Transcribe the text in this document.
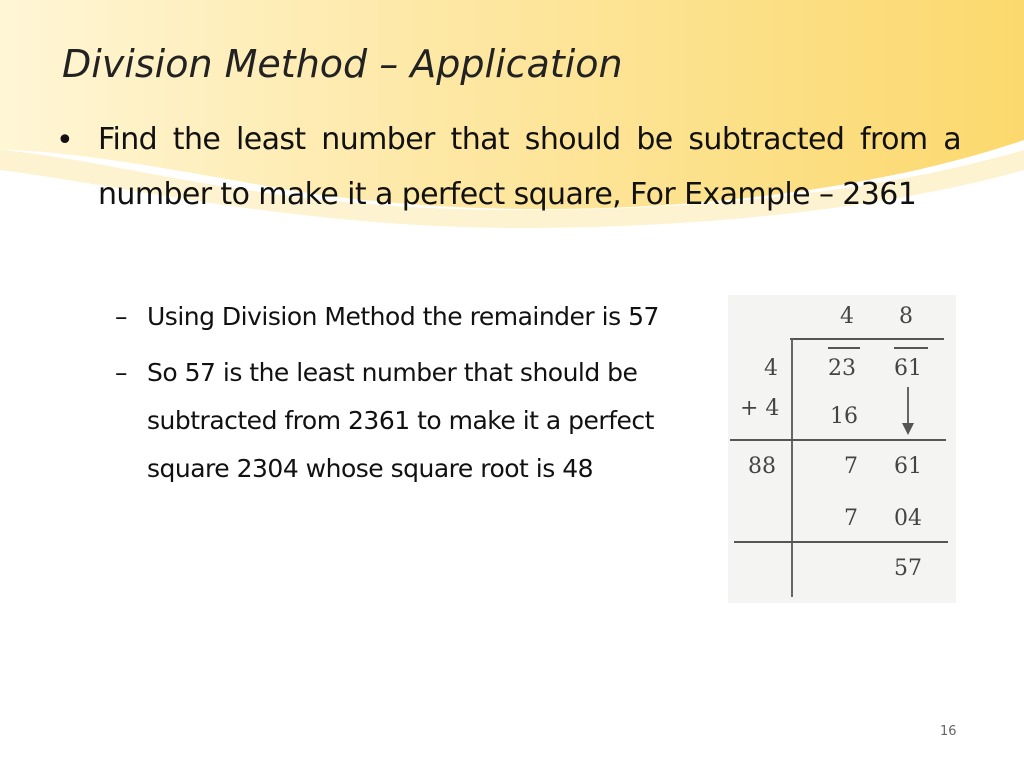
Division Method – Application
• Find the least number that should be subtracted from a number to make it a perfect square, For Example – 2361
– Using Division Method the remainder is 57
– So 57 is the least number that should be subtracted from 2361 to make it a perfect square 2304 whose square root is 48
4 8
4 23 61
+ 4 16
88	7 61
7 04
57
16
